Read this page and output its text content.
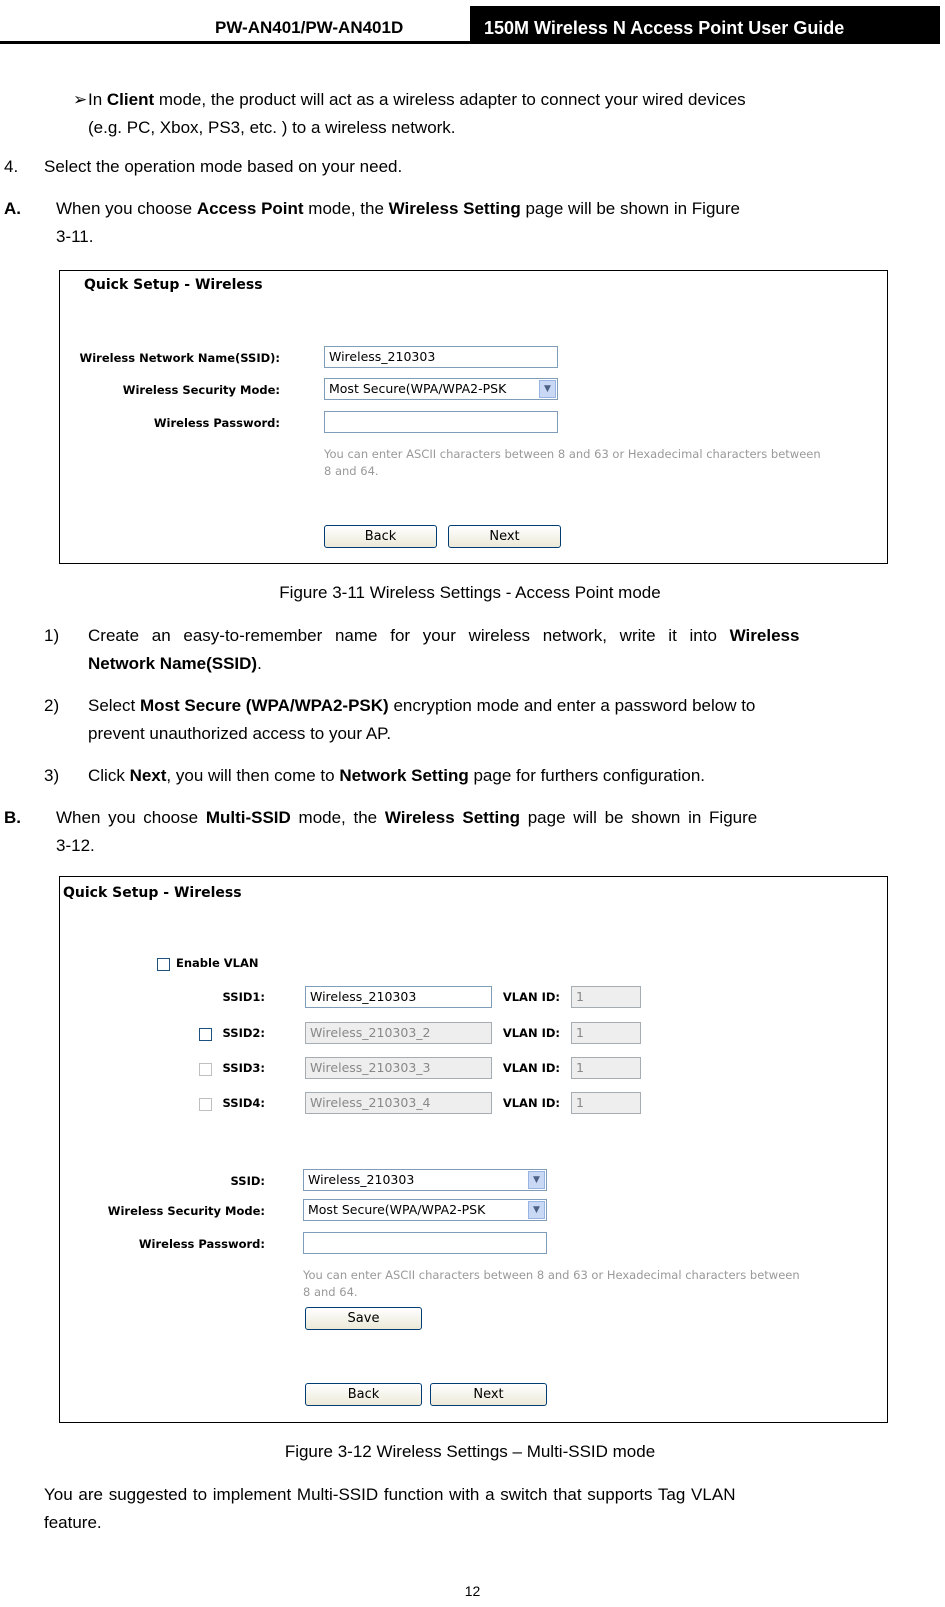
PW-AN401/PW-AN401D	150M Wireless N Access Point User Guide
➢ In Client mode, the product will act as a wireless adapter to connect your wired devices
(e.g. PC, Xbox, PS3, etc. ) to a wireless network.
4. Select the operation mode based on your need.
A. When you choose Access Point mode, the Wireless Setting page will be shown in Figure
3-11.
Quick Setup - Wireless
Wireless Network Name(SSID):	Wireless_210303
Wireless Security Mode:	Most Secure(WPA/WPA2-PSK	▼
Wireless Password:
You can enter ASCII characters between 8 and 63 or Hexadecimal characters between
8 and 64.
Back	Next
Figure 3-11 Wireless Settings - Access Point mode
1) Create an easy-to-remember name for your wireless network, write it into Wireless
Network Name(SSID).
2) Select Most Secure (WPA/WPA2-PSK) encryption mode and enter a password below to
prevent unauthorized access to your AP.
3) Click Next, you will then come to Network Setting page for furthers configuration.
B. When you choose Multi-SSID mode, the Wireless Setting page will be shown in Figure
3-12.
Quick Setup - Wireless
Enable VLAN
SSID1:	Wireless_210303	VLAN ID:	1
SSID2:	Wireless_210303_2	VLAN ID:	1
SSID3:	Wireless_210303_3	VLAN ID:	1
SSID4:	Wireless_210303_4	VLAN ID:	1
SSID:	Wireless_210303	▼
Wireless Security Mode:	Most Secure(WPA/WPA2-PSK	▼
Wireless Password:
You can enter ASCII characters between 8 and 63 or Hexadecimal characters between
8 and 64.
Save
Back	Next
Figure 3-12 Wireless Settings – Multi-SSID mode
You are suggested to implement Multi-SSID function with a switch that supports Tag VLAN
feature.
12
